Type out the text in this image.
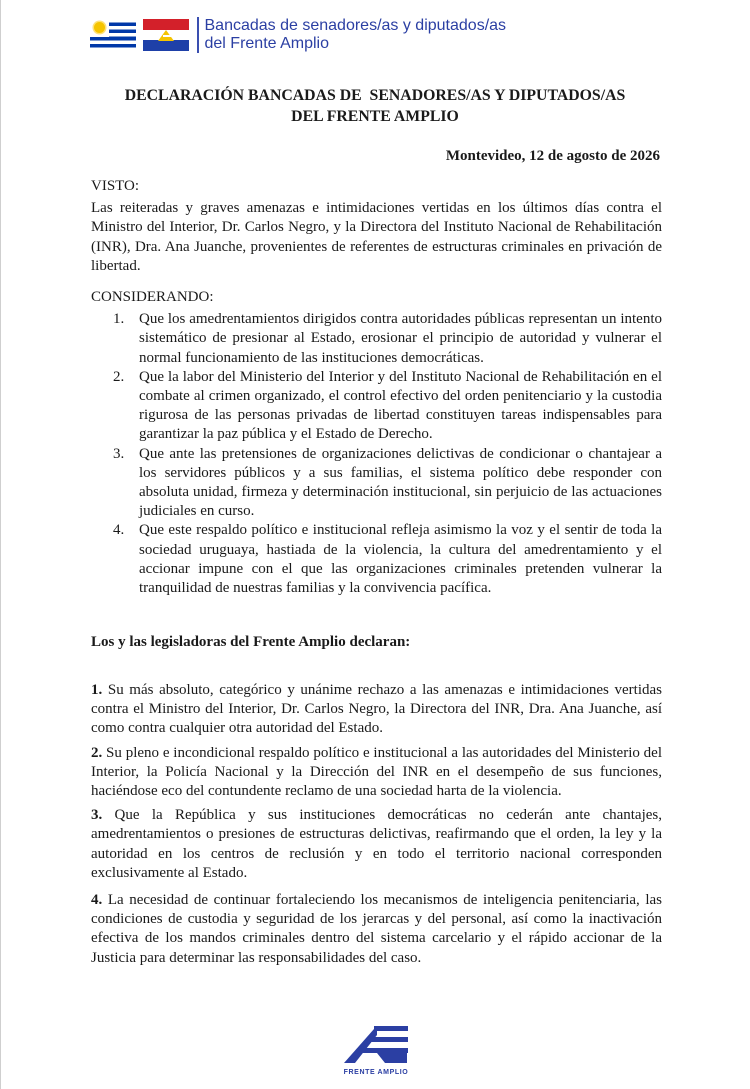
Bancadas de senadores/as y diputados/as
del Frente Amplio
DECLARACIÓN BANCADAS DE  SENADORES/AS Y DIPUTADOS/AS
DEL FRENTE AMPLIO
Montevideo, 12 de agosto de 2026
VISTO:
Las reiteradas y graves amenazas e intimidaciones vertidas en los últimos días contra el Ministro del Interior, Dr. Carlos Negro, y la Directora del Instituto Nacional de Rehabilitación (INR), Dra. Ana Juanche, provenientes de referentes de estructuras criminales en privación de libertad.
CONSIDERANDO:
1. Que los amedrentamientos dirigidos contra autoridades públicas representan un intento sistemático de presionar al Estado, erosionar el principio de autoridad y vulnerar el normal funcionamiento de las instituciones democráticas.
2. Que la labor del Ministerio del Interior y del Instituto Nacional de Rehabilitación en el combate al crimen organizado, el control efectivo del orden penitenciario y la custodia rigurosa de las personas privadas de libertad constituyen tareas indispensables para garantizar la paz pública y el Estado de Derecho.
3. Que ante las pretensiones de organizaciones delictivas de condicionar o chantajear a los servidores públicos y a sus familias, el sistema político debe responder con absoluta unidad, firmeza y determinación institucional, sin perjuicio de las actuaciones judiciales en curso.
4. Que este respaldo político e institucional refleja asimismo la voz y el sentir de toda la sociedad uruguaya, hastiada de la violencia, la cultura del amedrentamiento y el accionar impune con el que las organizaciones criminales pretenden vulnerar la tranquilidad de nuestras familias y la convivencia pacífica.
Los y las legisladoras del Frente Amplio declaran:

1. Su más absoluto, categórico y unánime rechazo a las amenazas e intimidaciones vertidas contra el Ministro del Interior, Dr. Carlos Negro, la Directora del INR, Dra. Ana Juanche, así como contra cualquier otra autoridad del Estado.

2. Su pleno e incondicional respaldo político e institucional a las autoridades del Ministerio del Interior, la Policía Nacional y la Dirección del INR en el desempeño de sus funciones, haciéndose eco del contundente reclamo de una sociedad harta de la violencia.

3. Que la República y sus instituciones democráticas no cederán ante chantajes, amedrentamientos o presiones de estructuras delictivas, reafirmando que el orden, la ley y la autoridad en los centros de reclusión y en todo el territorio nacional corresponden exclusivamente al Estado.

4. La necesidad de continuar fortaleciendo los mecanismos de inteligencia penitenciaria, las condiciones de custodia y seguridad de los jerarcas y del personal, así como la inactivación efectiva de los mandos criminales dentro del sistema carcelario y el rápido accionar de la Justicia para determinar las responsabilidades del caso.

FRENTE AMPLIO
